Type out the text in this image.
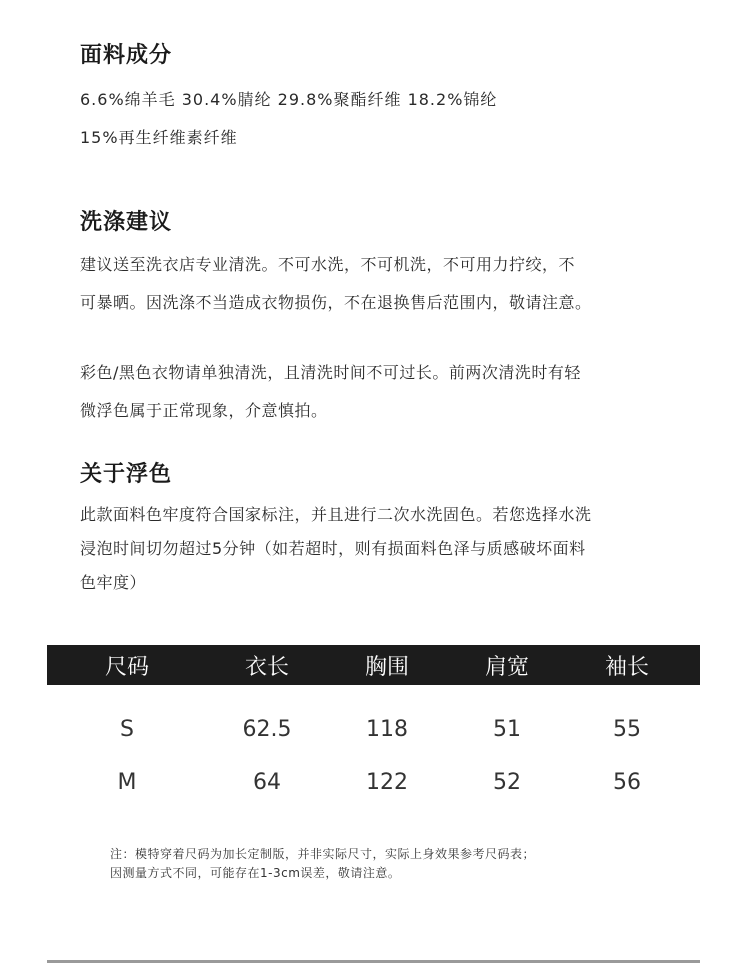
面料成分

6.6%绵羊毛 30.4%腈纶 29.8%聚酯纤维 18.2%锦纶

15%再生纤维素纤维

洗涤建议

建议送至洗衣店专业清洗。不可水洗，不可机洗，不可用力拧绞，不

可暴晒。因洗涤不当造成衣物损伤，不在退换售后范围内，敬请注意。

彩色/黑色衣物请单独清洗，且清洗时间不可过长。前两次清洗时有轻

微浮色属于正常现象，介意慎拍。

关于浮色

此款面料色牢度符合国家标注，并且进行二次水洗固色。若您选择水洗

浸泡时间切勿超过5分钟（如若超时，则有损面料色泽与质感破坏面料

色牢度）

尺码	衣长	胸围	肩宽	袖长
S	62.5	118	51	55
M	64	122	52	56

注：模特穿着尺码为加长定制版，并非实际尺寸，实际上身效果参考尺码表；

因测量方式不同，可能存在1-3cm误差，敬请注意。
